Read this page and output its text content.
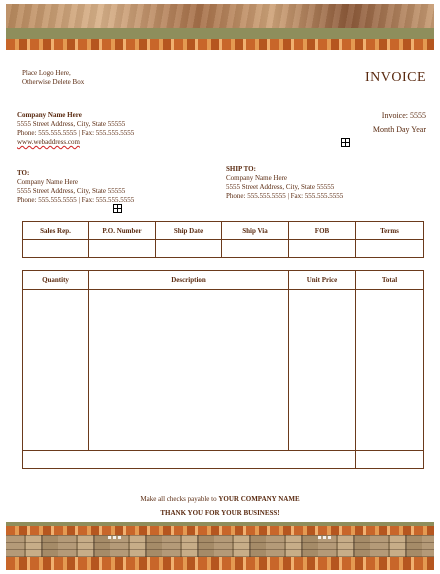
Place Logo Here,
Otherwise Delete Box	INVOICE
Invoice: 5555
Month Day Year
Company Name Here
5555 Street Address, City, State 55555
Phone: 555.555.5555 | Fax: 555.555.5555
www.webaddress.com
TO:
Company Name Here
5555 Street Address, City, State 55555
Phone: 555.555.5555 | Fax: 555.555.5555
SHIP TO:
Company Name Here
5555 Street Address, City, State 55555
Phone: 555.555.5555 | Fax: 555.555.5555
Sales Rep.	P.O. Number	Ship Date	Ship Via	FOB	Terms

Quantity	Description	Unit Price	Total

Make all checks payable to YOUR COMPANY NAME
THANK YOU FOR YOUR BUSINESS!
